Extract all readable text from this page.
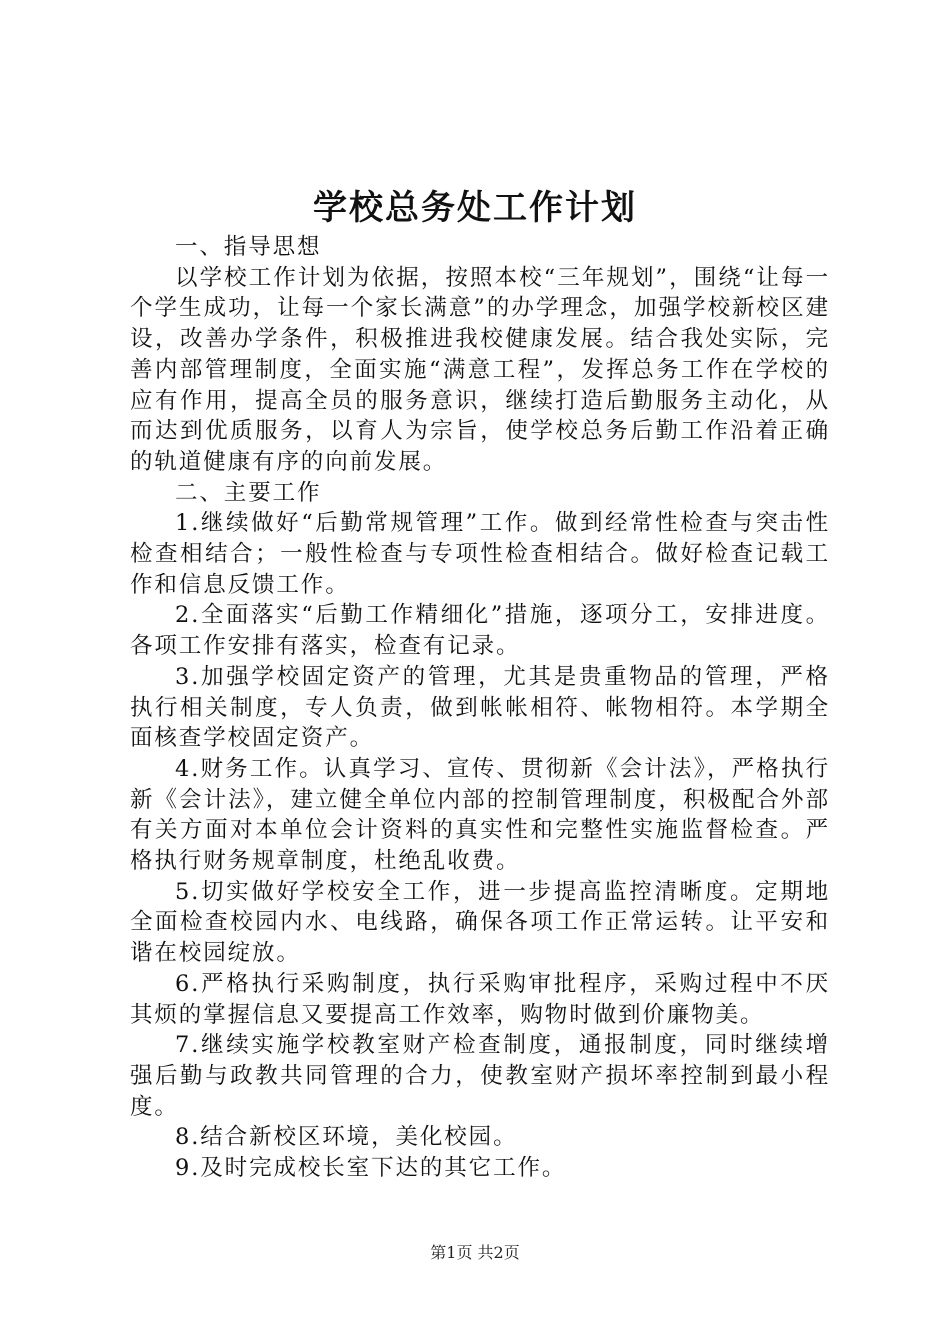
学校总务处工作计划

一、指导思想

以学校工作计划为依据，按照本校“三年规划”，围绕“让每一个学生成功，让每一个家长满意”的办学理念，加强学校新校区建设，改善办学条件，积极推进我校健康发展。结合我处实际，完善内部管理制度，全面实施“满意工程”，发挥总务工作在学校的应有作用，提高全员的服务意识，继续打造后勤服务主动化，从而达到优质服务，以育人为宗旨，使学校总务后勤工作沿着正确的轨道健康有序的向前发展。

二、主要工作

1.继续做好“后勤常规管理”工作。做到经常性检查与突击性检查相结合；一般性检查与专项性检查相结合。做好检查记载工作和信息反馈工作。

2.全面落实“后勤工作精细化”措施，逐项分工，安排进度。各项工作安排有落实，检查有记录。

3.加强学校固定资产的管理，尤其是贵重物品的管理，严格执行相关制度，专人负责，做到帐帐相符、帐物相符。本学期全面核查学校固定资产。

4.财务工作。认真学习、宣传、贯彻新《会计法》，严格执行新《会计法》，建立健全单位内部的控制管理制度，积极配合外部有关方面对本单位会计资料的真实性和完整性实施监督检查。严格执行财务规章制度，杜绝乱收费。

5.切实做好学校安全工作，进一步提高监控清晰度。定期地全面检查校园内水、电线路，确保各项工作正常运转。让平安和谐在校园绽放。

6.严格执行采购制度，执行采购审批程序，采购过程中不厌其烦的掌握信息又要提高工作效率，购物时做到价廉物美。

7.继续实施学校教室财产检查制度，通报制度，同时继续增强后勤与政教共同管理的合力，使教室财产损坏率控制到最小程度。

8.结合新校区环境，美化校园。

9.及时完成校长室下达的其它工作。

第1页 共2页
